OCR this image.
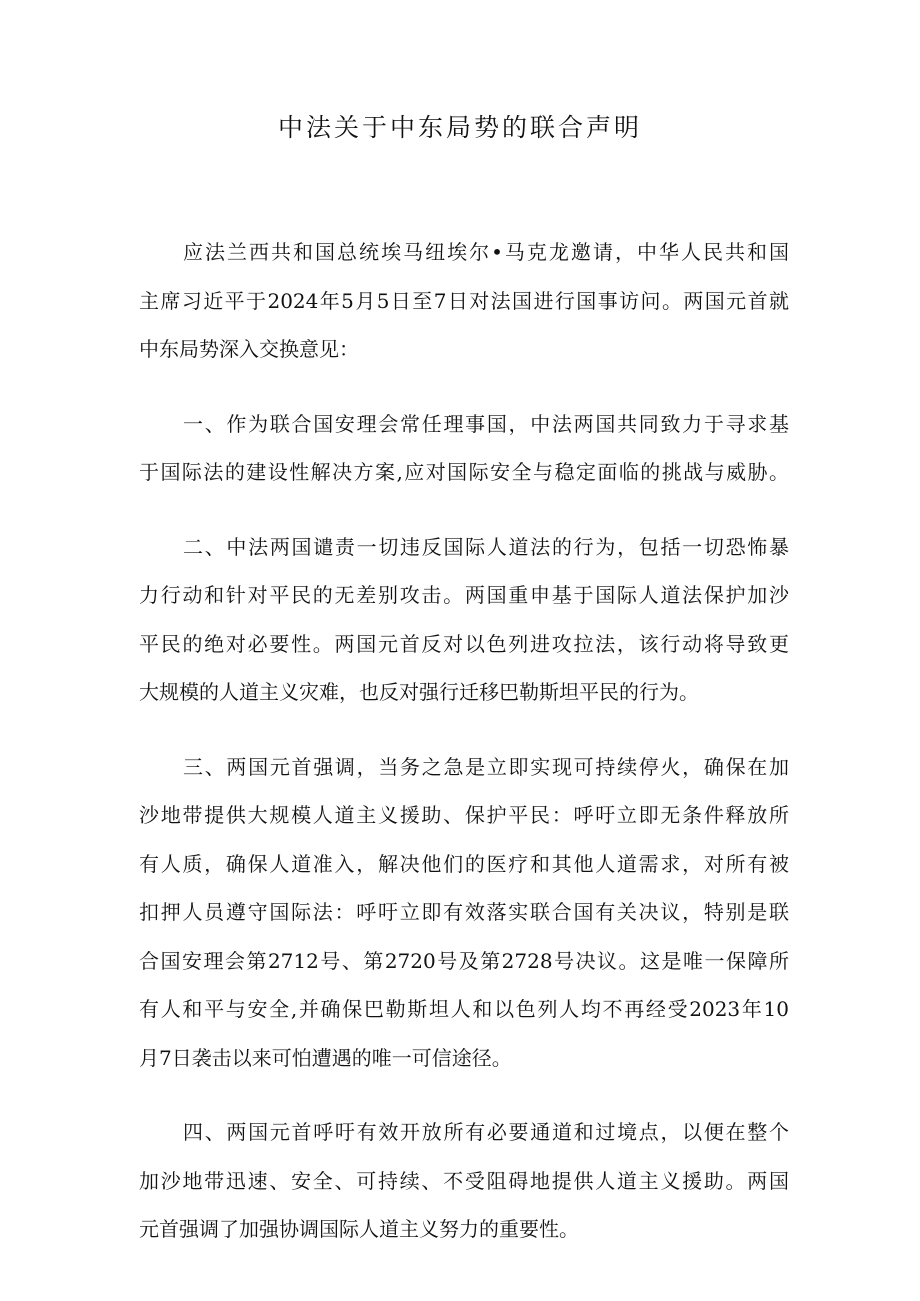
中法关于中东局势的联合声明
应法兰西共和国总统埃马纽埃尔•马克龙邀请，中华人民共和国
主席习近平于2024年5月5日至7日对法国进行国事访问。两国元首就
中东局势深入交换意见：
一、作为联合国安理会常任理事国，中法两国共同致力于寻求基
于国际法的建设性解决方案,应对国际安全与稳定面临的挑战与威胁。
二、中法两国谴责一切违反国际人道法的行为，包括一切恐怖暴
力行动和针对平民的无差别攻击。两国重申基于国际人道法保护加沙
平民的绝对必要性。两国元首反对以色列进攻拉法，该行动将导致更
大规模的人道主义灾难，也反对强行迁移巴勒斯坦平民的行为。
三、两国元首强调，当务之急是立即实现可持续停火，确保在加
沙地带提供大规模人道主义援助、保护平民：呼吁立即无条件释放所
有人质，确保人道准入，解决他们的医疗和其他人道需求，对所有被
扣押人员遵守国际法：呼吁立即有效落实联合国有关决议，特别是联
合国安理会第2712号、第2720号及第2728号决议。这是唯一保障所
有人和平与安全,并确保巴勒斯坦人和以色列人均不再经受2023年10
月7日袭击以来可怕遭遇的唯一可信途径。
四、两国元首呼吁有效开放所有必要通道和过境点，以便在整个
加沙地带迅速、安全、可持续、不受阻碍地提供人道主义援助。两国
元首强调了加强协调国际人道主义努力的重要性。
